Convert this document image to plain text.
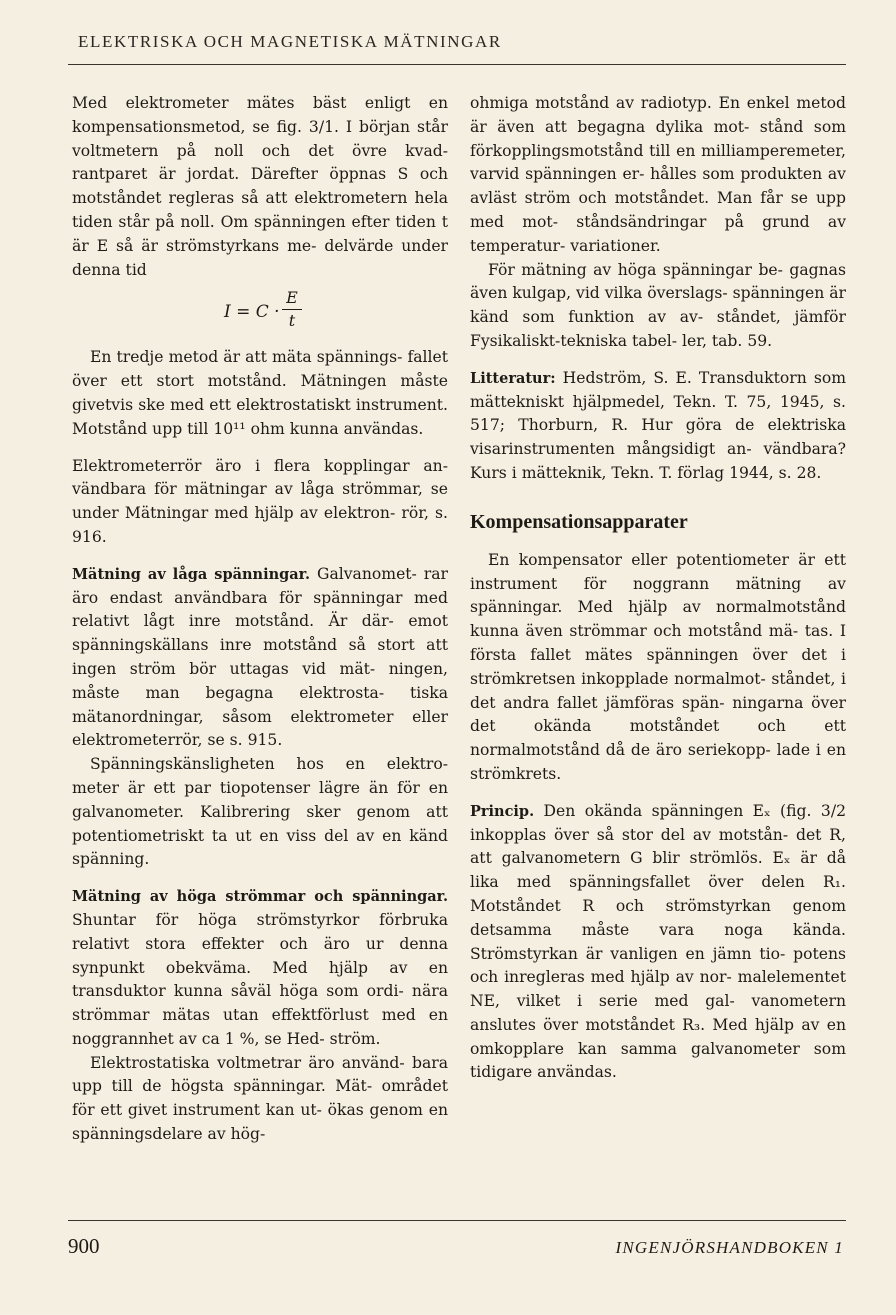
ELEKTRISKA OCH MAGNETISKA MÄTNINGAR

Med elektrometer mätes bäst enligt en kompensationsmetod, se fig. 3/1. I början står voltmetern på noll och det övre kvad- rantparet är jordat. Därefter öppnas S och motståndet regleras så att elektrometern hela tiden står på noll. Om spänningen efter tiden t är E så är strömstyrkans me- delvärde under denna tid

I = C ·
E
t

En tredje metod är att mäta spännings- fallet över ett stort motstånd. Mätningen måste givetvis ske med ett elektrostatiskt instrument. Motstånd upp till 10¹¹ ohm kunna användas.

Elektrometerrör äro i flera kopplingar an- vändbara för mätningar av låga strömmar, se under Mätningar med hjälp av elektron- rör, s. 916.

Mätning av låga spänningar. Galvanomet- rar äro endast användbara för spänningar med relativt lågt inre motstånd. Är där- emot spänningskällans inre motstånd så stort att ingen ström bör uttagas vid mät- ningen, måste man begagna elektrosta- tiska mätanordningar, såsom elektrometer eller elektrometerrör, se s. 915.

Spänningskänsligheten hos en elektro- meter är ett par tiopotenser lägre än för en galvanometer. Kalibrering sker genom att potentiometriskt ta ut en viss del av en känd spänning.

Mätning av höga strömmar och spänningar. Shuntar för höga strömstyrkor förbruka relativt stora effekter och äro ur denna synpunkt obekväma. Med hjälp av en transduktor kunna såväl höga som ordi- nära strömmar mätas utan effektförlust med en noggrannhet av ca 1 %, se Hed- ström.

Elektrostatiska voltmetrar äro använd- bara upp till de högsta spänningar. Mät- området för ett givet instrument kan ut- ökas genom en spänningsdelare av hög-

ohmiga motstånd av radiotyp. En enkel metod är även att begagna dylika mot- stånd som förkopplingsmotstånd till en milliamperemeter, varvid spänningen er- hålles som produkten av avläst ström och motståndet. Man får se upp med mot- ståndsändringar på grund av temperatur- variationer.

För mätning av höga spänningar be- gagnas även kulgap, vid vilka överslags- spänningen är känd som funktion av av- ståndet, jämför Fysikaliskt-tekniska tabel- ler, tab. 59.

Litteratur: Hedström, S. E. Transduktorn som mättekniskt hjälpmedel, Tekn. T. 75, 1945, s. 517; Thorburn, R. Hur göra de elektriska visarinstrumenten mångsidigt an- vändbara? Kurs i mätteknik, Tekn. T. förlag 1944, s. 28.

Kompensationsapparater

En kompensator eller potentiometer är ett instrument för noggrann mätning av spänningar. Med hjälp av normalmotstånd kunna även strömmar och motstånd mä- tas. I första fallet mätes spänningen över det i strömkretsen inkopplade normalmot- ståndet, i det andra fallet jämföras spän- ningarna över det okända motståndet och ett normalmotstånd då de äro seriekopp- lade i en strömkrets.

Princip. Den okända spänningen Eₓ (fig. 3/2 inkopplas över så stor del av motstån- det R, att galvanometern G blir strömlös. Eₓ är då lika med spänningsfallet över delen R₁. Motståndet R och strömstyrkan genom detsamma måste vara noga kända. Strömstyrkan är vanligen en jämn tio- potens och inregleras med hjälp av nor- malelementet NE, vilket i serie med gal- vanometern anslutes över motståndet R₃. Med hjälp av en omkopplare kan samma galvanometer som tidigare användas.

900	INGENJÖRSHANDBOKEN 1
